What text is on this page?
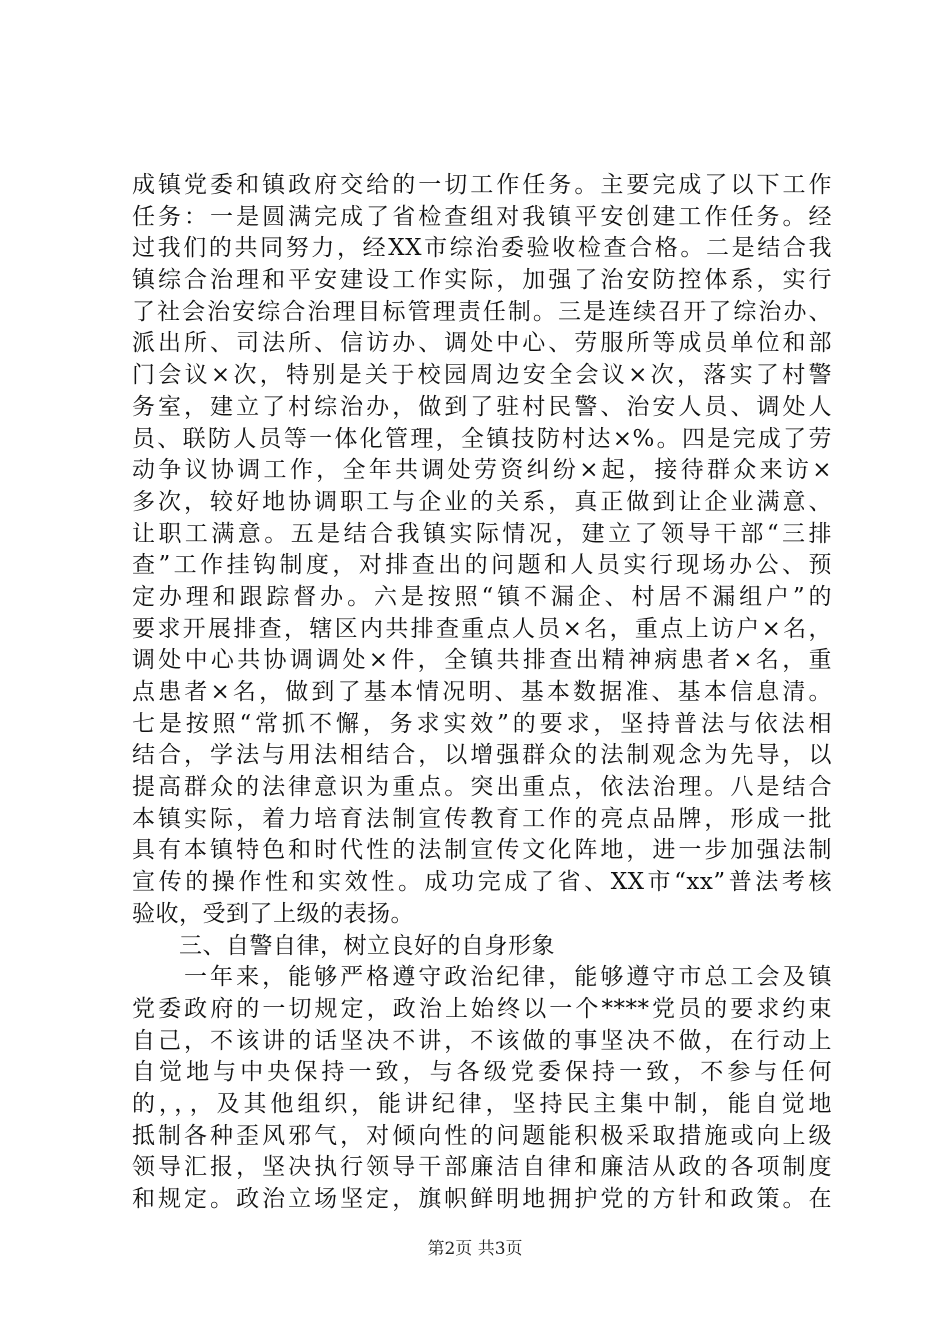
成镇党委和镇政府交给的一切工作任务。主要完成了以下工作
任务：一是圆满完成了省检查组对我镇平安创建工作任务。经
过我们的共同努力，经XX市综治委验收检查合格。二是结合我
镇综合治理和平安建设工作实际，加强了治安防控体系，实行
了社会治安综合治理目标管理责任制。三是连续召开了综治办、
派出所、司法所、信访办、调处中心、劳服所等成员单位和部
门会议×次，特别是关于校园周边安全会议×次，落实了村警
务室，建立了村综治办，做到了驻村民警、治安人员、调处人
员、联防人员等一体化管理，全镇技防村达×%。四是完成了劳
动争议协调工作，全年共调处劳资纠纷×起，接待群众来访×
多次，较好地协调职工与企业的关系，真正做到让企业满意、
让职工满意。五是结合我镇实际情况，建立了领导干部“三排
查”工作挂钩制度，对排查出的问题和人员实行现场办公、预
定办理和跟踪督办。六是按照“镇不漏企、村居不漏组户”的
要求开展排查，辖区内共排查重点人员×名，重点上访户×名，
调处中心共协调调处×件，全镇共排查出精神病患者×名，重
点患者×名，做到了基本情况明、基本数据准、基本信息清。
七是按照“常抓不懈，务求实效”的要求，坚持普法与依法相
结合，学法与用法相结合，以增强群众的法制观念为先导，以
提高群众的法律意识为重点。突出重点，依法治理。八是结合
本镇实际，着力培育法制宣传教育工作的亮点品牌，形成一批
具有本镇特色和时代性的法制宣传文化阵地，进一步加强法制
宣传的操作性和实效性。成功完成了省、XX市“xx”普法考核
验收，受到了上级的表扬。
　　三、自警自律，树立良好的自身形象
　　一年来，能够严格遵守政治纪律，能够遵守市总工会及镇
党委政府的一切规定，政治上始终以一个****党员的要求约束
自己，不该讲的话坚决不讲，不该做的事坚决不做，在行动上
自觉地与中央保持一致，与各级党委保持一致，不参与任何
的，，，及其他组织，能讲纪律，坚持民主集中制，能自觉地
抵制各种歪风邪气，对倾向性的问题能积极采取措施或向上级
领导汇报，坚决执行领导干部廉洁自律和廉洁从政的各项制度
和规定。政治立场坚定，旗帜鲜明地拥护党的方针和政策。在
第2页 共3页
